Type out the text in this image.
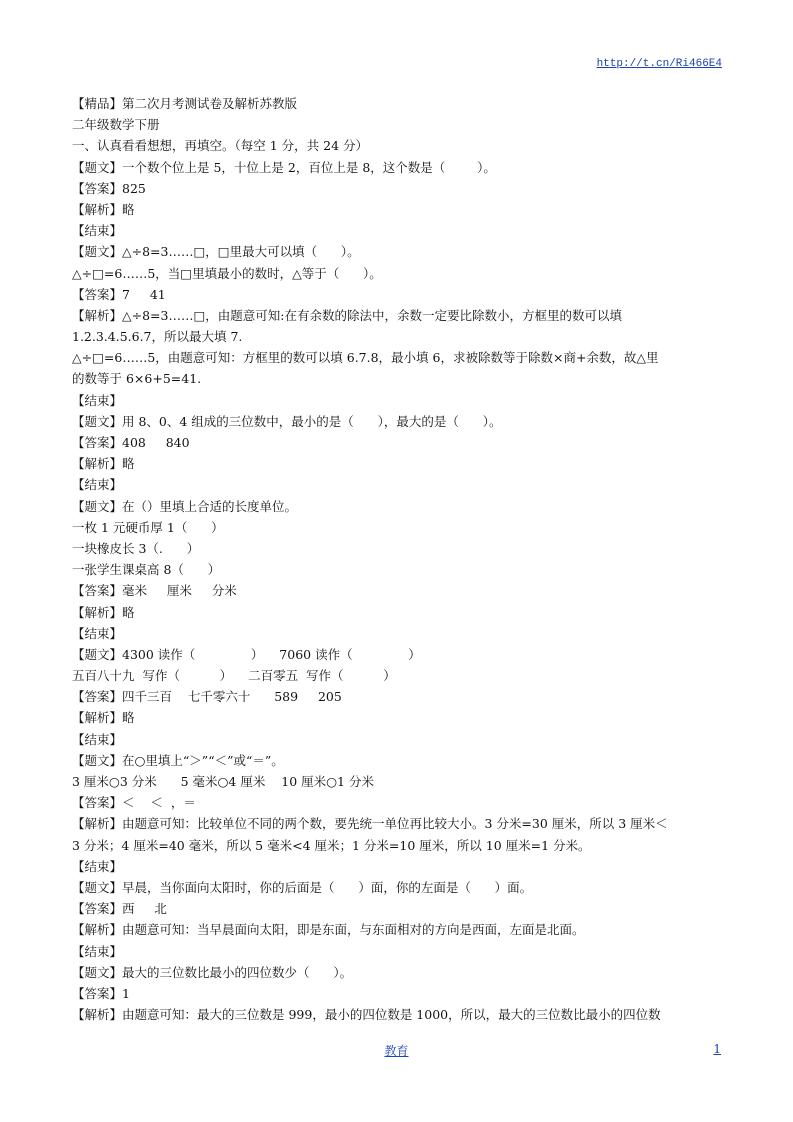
http://t.cn/Ri466E4
【精品】第二次月考测试卷及解析苏教版
二年级数学下册
一、认真看看想想，再填空。（每空 1 分，共 24 分）
【题文】一个数个位上是 5，十位上是 2，百位上是 8，这个数是（        ）。
【答案】825
【解析】略
【结束】
【题文】△÷8=3……□，□里最大可以填（      ）。
△÷□=6……5，当□里填最小的数时，△等于（      ）。
【答案】7     41
【解析】△÷8=3……□，由题意可知:在有余数的除法中，余数一定要比除数小，方框里的数可以填
1.2.3.4.5.6.7，所以最大填 7.
△÷□=6……5，由题意可知：方框里的数可以填 6.7.8，最小填 6，求被除数等于除数×商+余数，故△里
的数等于 6×6+5=41.
【结束】
【题文】用 8、0、4 组成的三位数中，最小的是（      ），最大的是（      ）。
【答案】408     840
【解析】略
【结束】
【题文】在（）里填上合适的长度单位。
一枚 1 元硬币厚 1（      ）
一块橡皮长 3（.      ）
一张学生课桌高 8（      ）
【答案】毫米     厘米     分米
【解析】略
【结束】
【题文】4300 读作（              ）    7060 读作（              ）
五百八十九  写作（          ）    二百零五  写作（          ）
【答案】四千三百    七千零六十      589     205
【解析】略
【结束】
【题文】在○里填上“＞”“＜”或“＝”。
3 厘米○3 分米      5 毫米○4 厘米    10 厘米○1 分米
【答案】＜    ＜  ，＝
【解析】由题意可知：比较单位不同的两个数，要先统一单位再比较大小。3 分米=30 厘米，所以 3 厘米＜
3 分米；4 厘米=40 毫米，所以 5 毫米<4 厘米；1 分米=10 厘米，所以 10 厘米=1 分米。
【结束】
【题文】早晨，当你面向太阳时，你的后面是（      ）面，你的左面是（      ）面。
【答案】西     北
【解析】由题意可知：当早晨面向太阳，即是东面，与东面相对的方向是西面，左面是北面。
【结束】
【题文】最大的三位数比最小的四位数少（      ）。
【答案】1
【解析】由题意可知：最大的三位数是 999，最小的四位数是 1000，所以，最大的三位数比最小的四位数
教育	1
